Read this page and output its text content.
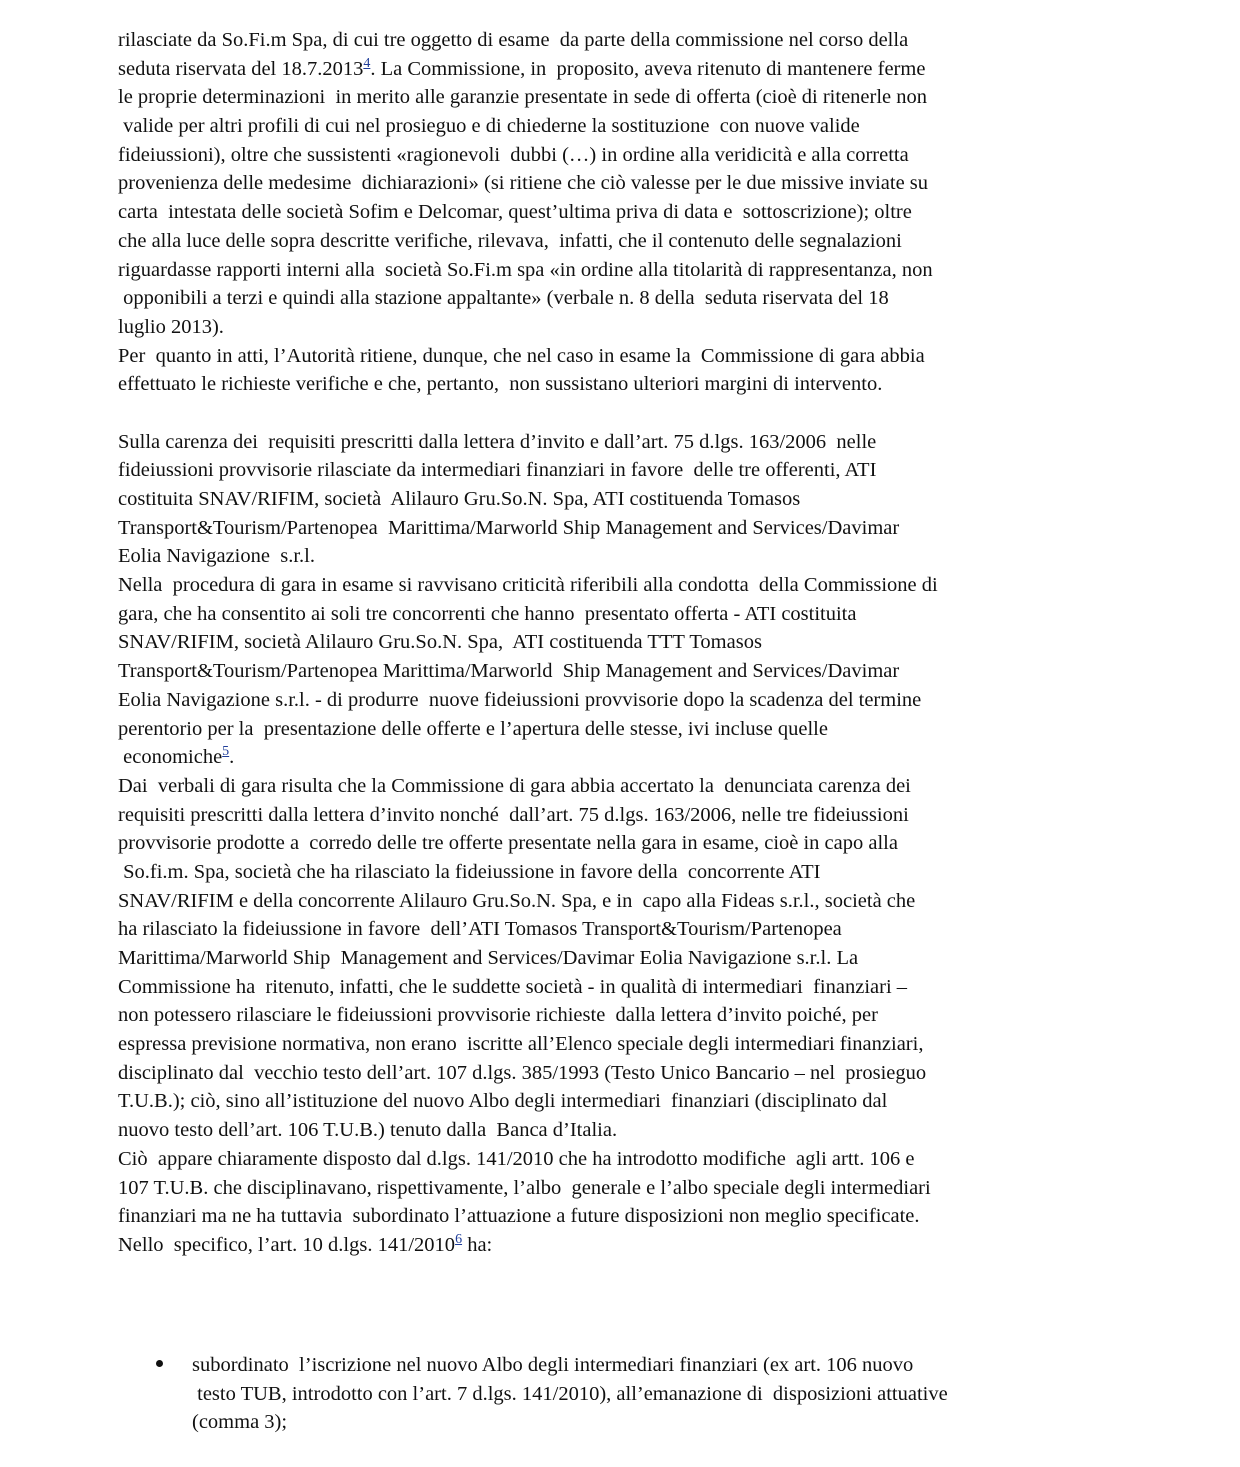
rilasciate da So.Fi.m Spa, di cui tre oggetto di esame  da parte della commissione nel corso della
seduta riservata del 18.7.2013$^4$. La Commissione, in  proposito, aveva ritenuto di mantenere ferme
le proprie determinazioni  in merito alle garanzie presentate in sede di offerta (cioè di ritenerle non
valide per altri profili di cui nel prosieguo e di chiederne la sostituzione  con nuove valide
fideiussioni), oltre che sussistenti «ragionevoli  dubbi (…) in ordine alla veridicità e alla corretta
provenienza delle medesime  dichiarazioni» (si ritiene che ciò valesse per le due missive inviate su
carta  intestata delle società Sofim e Delcomar, quest’ultima priva di data e  sottoscrizione); oltre
che alla luce delle sopra descritte verifiche, rilevava,  infatti, che il contenuto delle segnalazioni
riguardasse rapporti interni alla  società So.Fi.m spa «in ordine alla titolarità di rappresentanza, non
opponibili a terzi e quindi alla stazione appaltante» (verbale n. 8 della  seduta riservata del 18
luglio 2013).
Per  quanto in atti, l’Autorità ritiene, dunque, che nel caso in esame la  Commissione di gara abbia
effettuato le richieste verifiche e che, pertanto,  non sussistano ulteriori margini di intervento.
Sulla carenza dei  requisiti prescritti dalla lettera d’invito e dall’art. 75 d.lgs. 163/2006  nelle
fideiussioni provvisorie rilasciate da intermediari finanziari in favore  delle tre offerenti, ATI
costituita SNAV/RIFIM, società  Alilauro Gru.So.N. Spa, ATI costituenda Tomasos
Transport&Tourism/Partenopea  Marittima/Marworld Ship Management and Services/Davimar
Eolia Navigazione  s.r.l.
Nella  procedura di gara in esame si ravvisano criticità riferibili alla condotta  della Commissione di
gara, che ha consentito ai soli tre concorrenti che hanno  presentato offerta - ATI costituita
SNAV/RIFIM, società Alilauro Gru.So.N. Spa,  ATI costituenda TTT Tomasos
Transport&Tourism/Partenopea Marittima/Marworld  Ship Management and Services/Davimar
Eolia Navigazione s.r.l. - di produrre  nuove fideiussioni provvisorie dopo la scadenza del termine
perentorio per la  presentazione delle offerte e l’apertura delle stesse, ivi incluse quelle
economiche$^5$.
Dai  verbali di gara risulta che la Commissione di gara abbia accertato la  denunciata carenza dei
requisiti prescritti dalla lettera d’invito nonché  dall’art. 75 d.lgs. 163/2006, nelle tre fideiussioni
provvisorie prodotte a  corredo delle tre offerte presentate nella gara in esame, cioè in capo alla
So.fi.m. Spa, società che ha rilasciato la fideiussione in favore della  concorrente ATI
SNAV/RIFIM e della concorrente Alilauro Gru.So.N. Spa, e in  capo alla Fideas s.r.l., società che
ha rilasciato la fideiussione in favore  dell’ATI Tomasos Transport&Tourism/Partenopea
Marittima/Marworld Ship  Management and Services/Davimar Eolia Navigazione s.r.l. La
Commissione ha  ritenuto, infatti, che le suddette società - in qualità di intermediari  finanziari –
non potessero rilasciare le fideiussioni provvisorie richieste  dalla lettera d’invito poiché, per
espressa previsione normativa, non erano  iscritte all’Elenco speciale degli intermediari finanziari,
disciplinato dal  vecchio testo dell’art. 107 d.lgs. 385/1993 (Testo Unico Bancario – nel  prosieguo
T.U.B.); ciò, sino all’istituzione del nuovo Albo degli intermediari  finanziari (disciplinato dal
nuovo testo dell’art. 106 T.U.B.) tenuto dalla  Banca d’Italia.
Ciò  appare chiaramente disposto dal d.lgs. 141/2010 che ha introdotto modifiche  agli artt. 106 e
107 T.U.B. che disciplinavano, rispettivamente, l’albo  generale e l’albo speciale degli intermediari
finanziari ma ne ha tuttavia  subordinato l’attuazione a future disposizioni non meglio specificate.
Nello  specifico, l’art. 10 d.lgs. 141/2010$^6$ ha:
subordinato  l’iscrizione nel nuovo Albo degli intermediari finanziari (ex art. 106 nuovo
testo TUB, introdotto con l’art. 7 d.lgs. 141/2010), all’emanazione di  disposizioni attuative
(comma 3);
